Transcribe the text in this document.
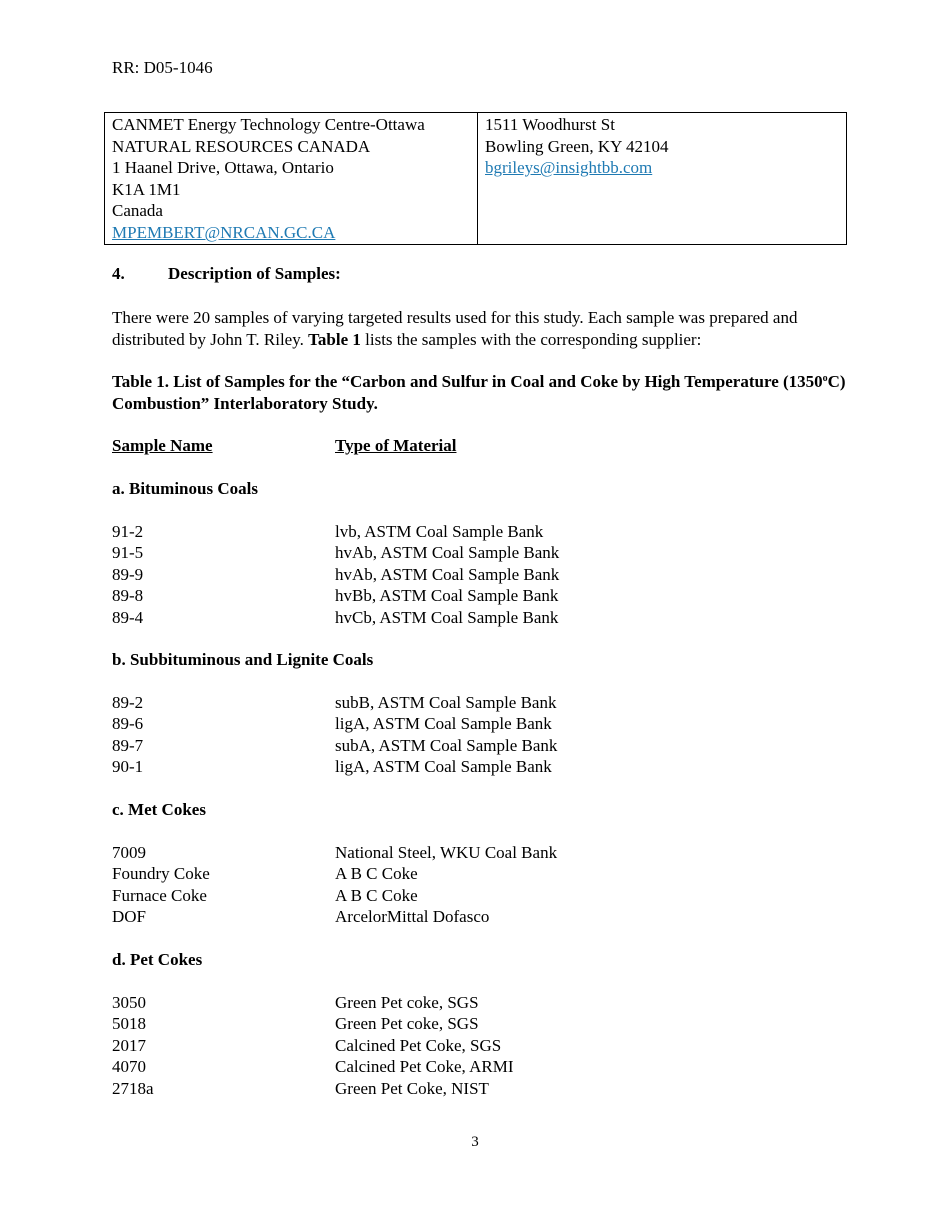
RR: D05-1046
CANMET Energy Technology Centre-Ottawa
NATURAL RESOURCES CANADA
1 Haanel Drive, Ottawa, Ontario
K1A 1M1
Canada
MPEMBERT@NRCAN.GC.CA

1511 Woodhurst St
Bowling Green, KY 42104
bgrileys@insightbb.com
4.	Description of Samples:
There were 20 samples of varying targeted results used for this study. Each sample was prepared and distributed by John T. Riley. Table 1 lists the samples with the corresponding supplier:
Table 1. List of Samples for the “Carbon and Sulfur in Coal and Coke by High Temperature (1350$^o$C) Combustion” Interlaboratory Study.
Sample Name	Type of Material
a. Bituminous Coals
91-2	lvb, ASTM Coal Sample Bank
91-5	hvAb, ASTM Coal Sample Bank
89-9	hvAb, ASTM Coal Sample Bank
89-8	hvBb, ASTM Coal Sample Bank
89-4	hvCb, ASTM Coal Sample Bank
b. Subbituminous and Lignite Coals
89-2	subB, ASTM Coal Sample Bank
89-6	ligA, ASTM Coal Sample Bank
89-7	subA, ASTM Coal Sample Bank
90-1	ligA, ASTM Coal Sample Bank
c. Met Cokes
7009	National Steel, WKU Coal Bank
Foundry Coke	A B C Coke
Furnace Coke	A B C Coke
DOF	ArcelorMittal Dofasco
d. Pet Cokes
3050	Green Pet coke, SGS
5018	Green Pet coke, SGS
2017	Calcined Pet Coke, SGS
4070	Calcined Pet Coke, ARMI
2718a	Green Pet Coke, NIST
3
